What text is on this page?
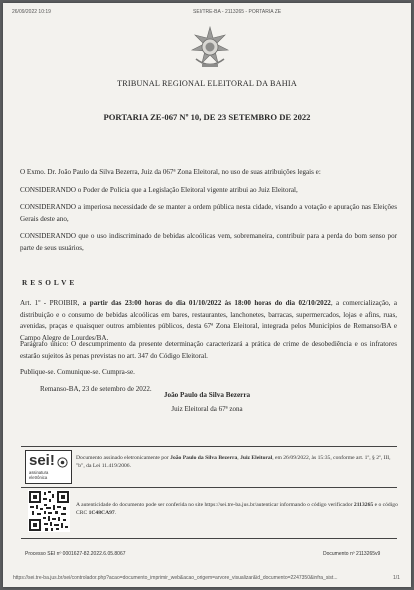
26/09/2022 10:19	SEI/TRE-BA - 2113265 - PORTARIA ZE
TRIBUNAL REGIONAL ELEITORAL DA BAHIA
PORTARIA ZE-067 Nº 10, DE 23 SETEMBRO DE 2022
O Exmo. Dr. João Paulo da Silva Bezerra, Juiz da 067ª Zona Eleitoral, no uso de suas atribuições legais e:
CONSIDERANDO o Poder de Polícia que a Legislação Eleitoral vigente atribui ao Juiz Eleitoral,
CONSIDERANDO a imperiosa necessidade de se manter a ordem pública nesta cidade, visando a votação e apuração nas Eleições Gerais deste ano,
CONSIDERANDO que o uso indiscriminado de bebidas alcoólicas vem, sobremaneira, contribuir para a perda do bom senso por parte de seus usuários,
RESOLVE
Art. 1º - PROIBIR, a partir das 23:00 horas do dia 01/10/2022 às 18:00 horas do dia 02/10/2022, a comercialização, a distribuição e o consumo de bebidas alcoólicas em bares, restaurantes, lanchonetes, barracas, supermercados, lojas e afins, ruas, avenidas, praças e quaisquer outros ambientes públicos, desta 67ª Zona Eleitoral, integrada pelos Municípios de Remanso/BA e Campo Alegre de Lourdes/BA.
Parágrafo único: O descumprimento da presente determinação caracterizará a prática de crime de desobediência e os infratores estarão sujeitos às penas previstas no art. 347 do Código Eleitoral.
Publique-se. Comunique-se. Cumpra-se.
Remanso-BA, 23 de setembro de 2022.
João Paulo da Silva Bezerra
Juiz Eleitoral da 67ª zona
sei!
assinatura
eletrônica
Documento assinado eletronicamente por João Paulo da Silva Bezerra, Juiz Eleitoral, em 26/09/2022, às 15:35, conforme art. 1º, § 2º, III, "b", da Lei 11.419/2006.
A autenticidade do documento pode ser conferida no site https://sei.tre-ba.jus.br/autenticar informando o código verificador 2113265 e o código CRC 1C48CA97.
Processo SEI nº 0001627-82.2022.6.05.8067	Documento nº 2113265v9
https://sei.tre-ba.jus.br/sei/controlador.php?acao=documento_imprimir_web&acao_origem=arvore_visualizar&id_documento=2247350&infra_sist...	1/1
